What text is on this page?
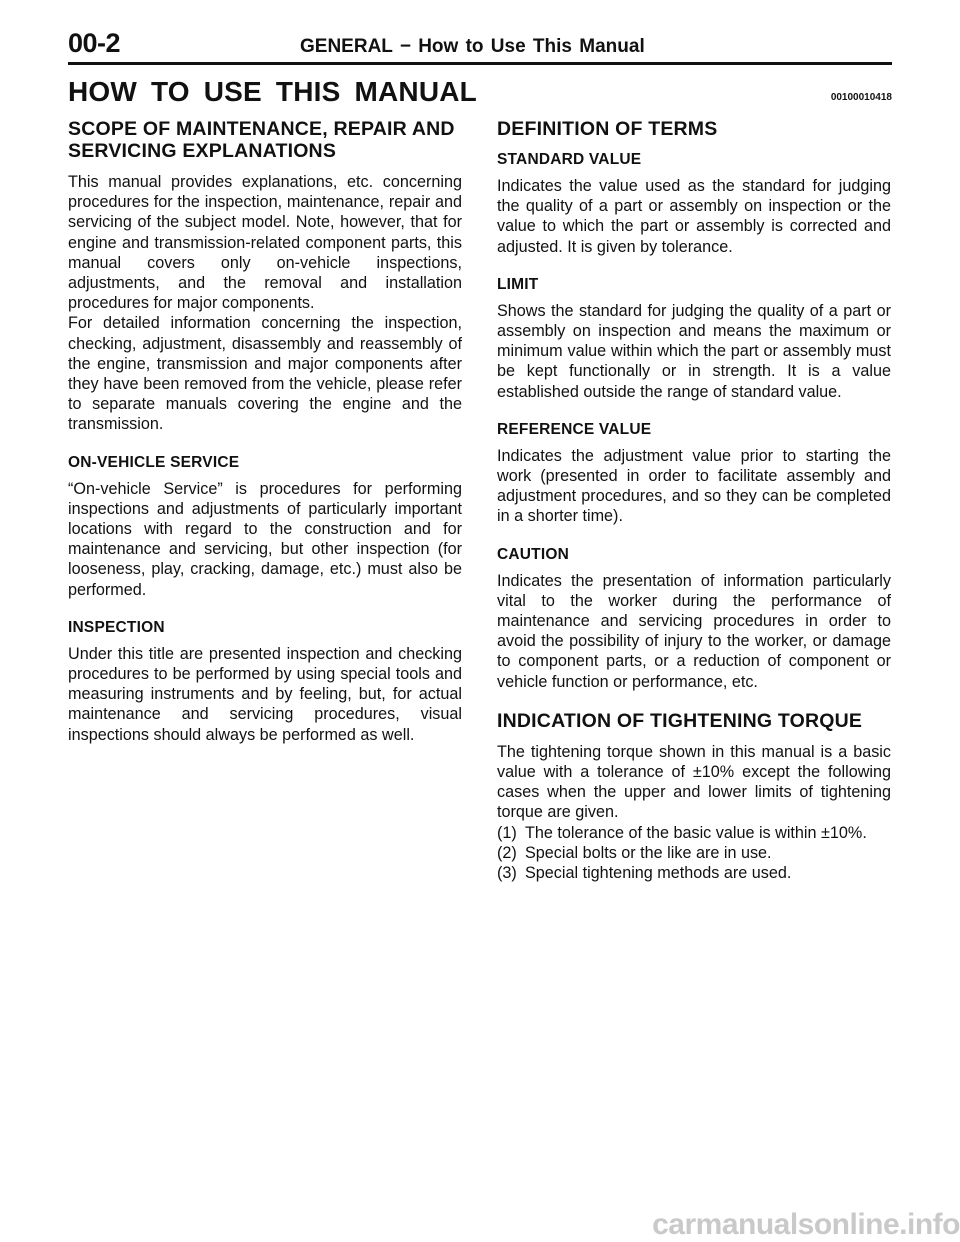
00-2	GENERAL − How to Use This Manual
HOW TO USE THIS MANUAL	00100010418
SCOPE OF MAINTENANCE, REPAIR AND SERVICING EXPLANATIONS

This manual provides explanations, etc. concerning procedures for the inspection, maintenance, repair and servicing of the subject model. Note, however, that for engine and transmission-related component parts, this manual covers only on-vehicle inspections, adjustments, and the removal and installation procedures for major components.

For detailed information concerning the inspection, checking, adjustment, disassembly and reassembly of the engine, transmission and major components after they have been removed from the vehicle, please refer to separate manuals covering the engine and the transmission.

ON-VEHICLE SERVICE

“On-vehicle Service” is procedures for performing inspections and adjustments of particularly important locations with regard to the construction and for maintenance and servicing, but other inspection (for looseness, play, cracking, damage, etc.) must also be performed.

INSPECTION

Under this title are presented inspection and checking procedures to be performed by using special tools and measuring instruments and by feeling, but, for actual maintenance and servicing procedures, visual inspections should always be performed as well.

DEFINITION OF TERMS
STANDARD VALUE

Indicates the value used as the standard for judging the quality of a part or assembly on inspection or the value to which the part or assembly is corrected and adjusted. It is given by tolerance.

LIMIT

Shows the standard for judging the quality of a part or assembly on inspection and means the maximum or minimum value within which the part or assembly must be kept functionally or in strength. It is a value established outside the range of standard value.

REFERENCE VALUE

Indicates the adjustment value prior to starting the work (presented in order to facilitate assembly and adjustment procedures, and so they can be completed in a shorter time).

CAUTION

Indicates the presentation of information particularly vital to the worker during the performance of maintenance and servicing procedures in order to avoid the possibility of injury to the worker, or damage to component parts, or a reduction of component or vehicle function or performance, etc.

INDICATION OF TIGHTENING TORQUE

The tightening torque shown in this manual is a basic value with a tolerance of ±10% except the following cases when the upper and lower limits of tightening torque are given.

(1) The tolerance of the basic value is within ±10%.
(2) Special bolts or the like are in use.
(3) Special tightening methods are used.
carmanualsonline.info
